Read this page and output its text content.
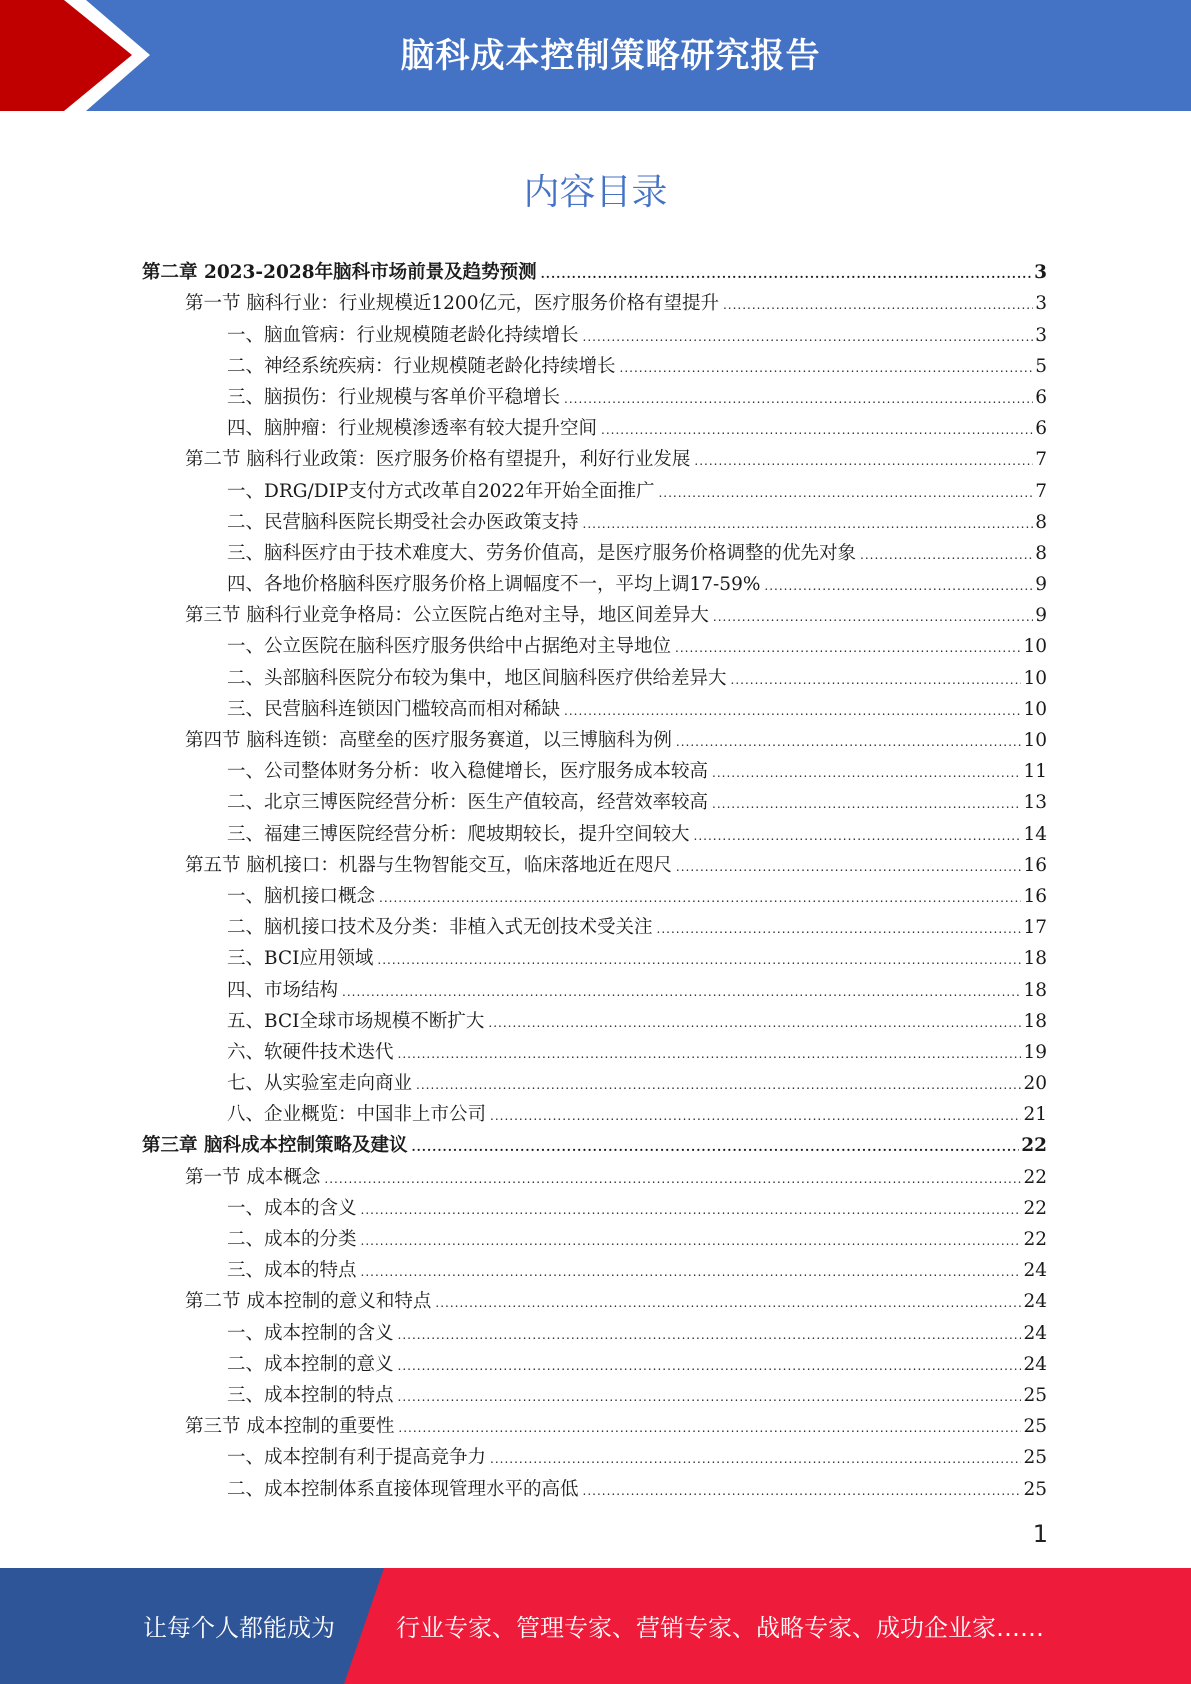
脑科成本控制策略研究报告
内容目录
第二章 2023-2028年脑科市场前景及趋势预测 .....	3
第一节 脑科行业：行业规模近1200亿元，医疗服务价格有望提升 .....	3
一、脑血管病：行业规模随老龄化持续增长 .....	3
二、神经系统疾病：行业规模随老龄化持续增长 .....	5
三、脑损伤：行业规模与客单价平稳增长 .....	6
四、脑肿瘤：行业规模渗透率有较大提升空间 .....	6
第二节 脑科行业政策：医疗服务价格有望提升，利好行业发展 .....	7
一、DRG/DIP支付方式改革自2022年开始全面推广 .....	7
二、民营脑科医院长期受社会办医政策支持 .....	8
三、脑科医疗由于技术难度大、劳务价值高，是医疗服务价格调整的优先对象 .....	8
四、各地价格脑科医疗服务价格上调幅度不一，平均上调17-59% .....	9
第三节 脑科行业竞争格局：公立医院占绝对主导，地区间差异大 .....	9
一、公立医院在脑科医疗服务供给中占据绝对主导地位 .....	10
二、头部脑科医院分布较为集中，地区间脑科医疗供给差异大 .....	10
三、民营脑科连锁因门槛较高而相对稀缺 .....	10
第四节 脑科连锁：高壁垒的医疗服务赛道，以三博脑科为例 .....	10
一、公司整体财务分析：收入稳健增长，医疗服务成本较高 .....	11
二、北京三博医院经营分析：医生产值较高，经营效率较高 .....	13
三、福建三博医院经营分析：爬坡期较长，提升空间较大 .....	14
第五节 脑机接口：机器与生物智能交互，临床落地近在咫尺 .....	16
一、脑机接口概念 .....	16
二、脑机接口技术及分类：非植入式无创技术受关注 .....	17
三、BCI应用领域 .....	18
四、市场结构 .....	18
五、BCI全球市场规模不断扩大 .....	18
六、软硬件技术迭代 .....	19
七、从实验室走向商业 .....	20
八、企业概览：中国非上市公司 .....	21
第三章 脑科成本控制策略及建议 .....	22
第一节 成本概念 .....	22
一、成本的含义 .....	22
二、成本的分类 .....	22
三、成本的特点 .....	24
第二节 成本控制的意义和特点 .....	24
一、成本控制的含义 .....	24
二、成本控制的意义 .....	24
三、成本控制的特点 .....	25
第三节 成本控制的重要性 .....	25
一、成本控制有利于提高竞争力 .....	25
二、成本控制体系直接体现管理水平的高低 .....	25
1
让每个人都能成为	行业专家、管理专家、营销专家、战略专家、成功企业家……
